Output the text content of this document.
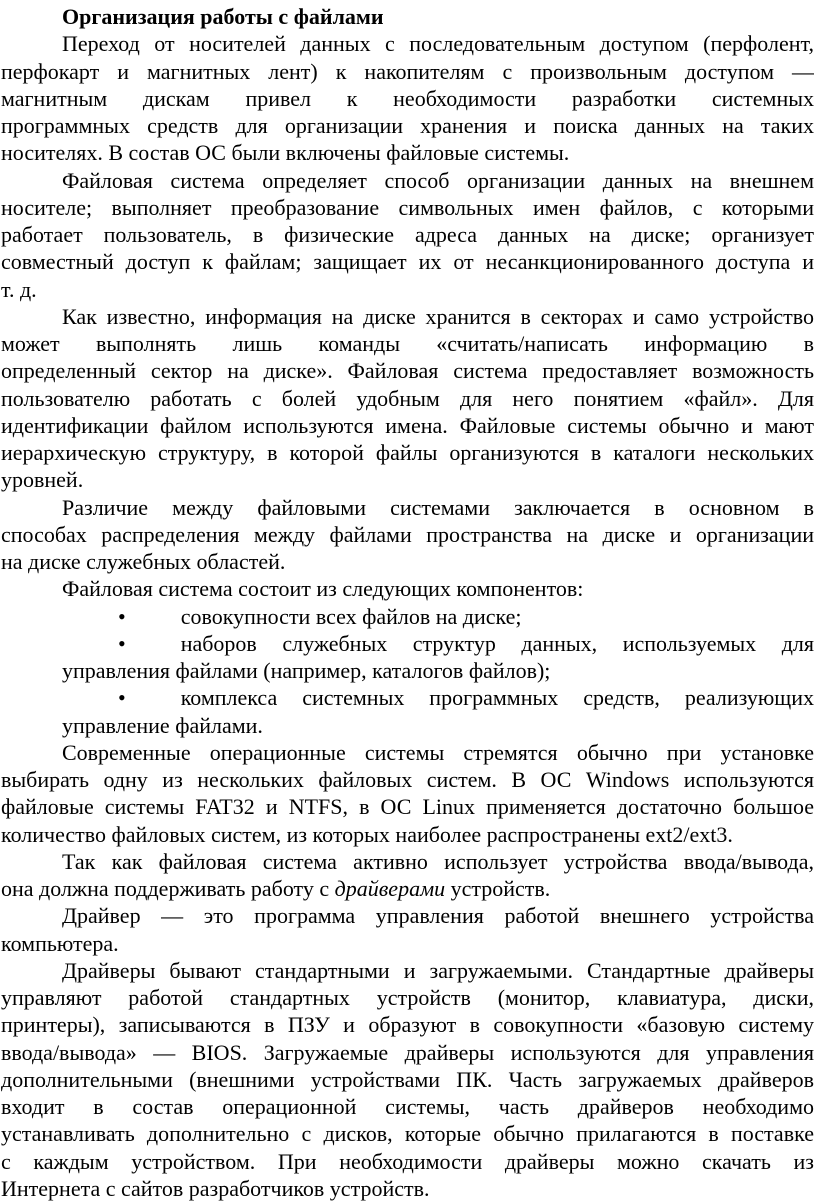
Организация работы с файлами
Переход от носителей данных с последовательным доступом (перфолент,
перфокарт и магнитных лент) к накопителям с произвольным доступом —
магнитным дискам привел к необходимости разработки системных
программных средств для организации хранения и поиска данных на таких
носителях. В состав ОС были включены файловые системы.
Файловая система определяет способ организации данных на внешнем
носителе; выполняет преобразование символьных имен файлов, с которыми
работает пользователь, в физические адреса данных на диске; организует
совместный доступ к файлам; защищает их от несанкционированного доступа и
т. д.
Как известно, информация на диске хранится в секторах и само устройство
может выполнять лишь команды «считать/написать информацию в
определенный сектор на диске». Файловая система предоставляет возможность
пользователю работать с болей удобным для него понятием «файл». Для
идентификации файлом используются имена. Файловые системы обычно и мают
иерархическую структуру, в которой файлы организуются в каталоги нескольких
уровней.
Различие между файловыми системами заключается в основном в
способах распределения между файлами пространства на диске и организации
на диске служебных областей.
Файловая система состоит из следующих компонентов:
•	совокупности всех файлов на диске;
•	наборов служебных структур данных, используемых для
управления файлами (например, каталогов файлов);
•	комплекса системных программных средств, реализующих
управление файлами.
Современные операционные системы стремятся обычно при установке
выбирать одну из нескольких файловых систем. В ОС Windows используются
файловые системы FAT32 и NTFS, в ОС Linux применяется достаточно большое
количество файловых систем, из которых наиболее распространены ext2/ext3.
Так как файловая система активно использует устройства ввода/вывода,
она должна поддерживать работу с драйверами устройств.
Драйвер — это программа управления работой внешнего устройства
компьютера.
Драйверы бывают стандартными и загружаемыми. Стандартные драйверы
управляют работой стандартных устройств (монитор, клавиатура, диски,
принтеры), записываются в ПЗУ и образуют в совокупности «базовую систему
ввода/вывода» — BIOS. Загружаемые драйверы используются для управления
дополнительными (внешними устройствами ПК. Часть загружаемых драйверов
входит в состав операционной системы, часть драйверов необходимо
устанавливать дополнительно с дисков, которые обычно прилагаются в поставке
с каждым устройством. При необходимости драйверы можно скачать из
Интернета с сайтов разработчиков устройств.
